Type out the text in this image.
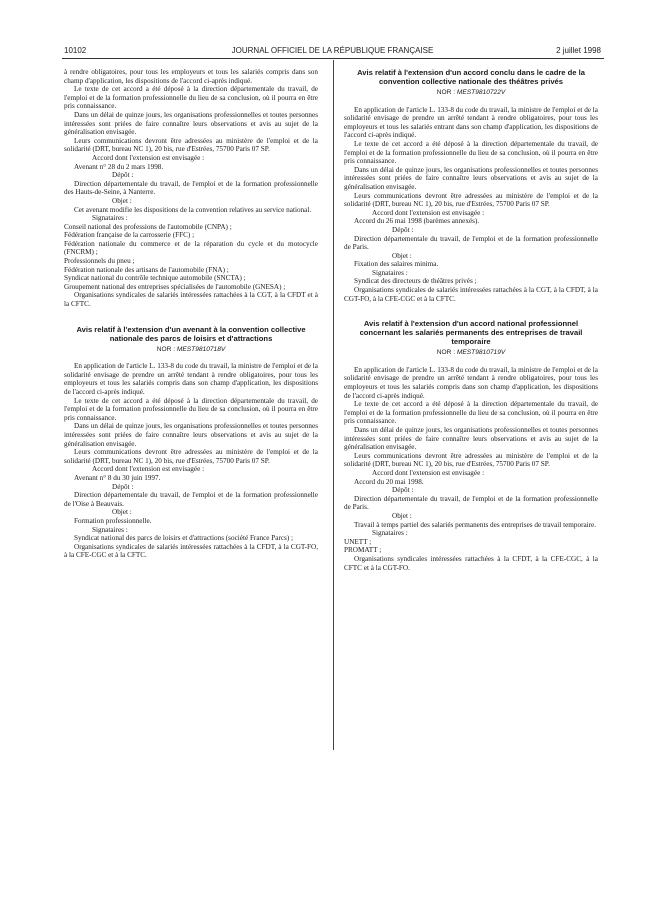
10102	JOURNAL OFFICIEL DE LA RÉPUBLIQUE FRANÇAISE	2 juillet 1998

à rendre obligatoires, pour tous les employeurs et tous les salariés compris dans son champ d'application, les dispositions de l'accord ci-après indiqué.

Le texte de cet accord a été déposé à la direction départementale du travail, de l'emploi et de la formation professionnelle du lieu de sa conclusion, où il pourra en être pris connaissance.

Dans un délai de quinze jours, les organisations professionnelles et toutes personnes intéressées sont priées de faire connaître leurs observations et avis au sujet de la généralisation envisagée.

Leurs communications devront être adressées au ministère de l'emploi et de la solidarité (DRT, bureau NC 1), 20 bis, rue d'Estrées, 75700 Paris 07 SP.

Accord dont l'extension est envisagée :

Avenant n° 28 du 2 mars 1998.

Dépôt :

Direction départementale du travail, de l'emploi et de la formation professionnelle des Hauts-de-Seine, à Nanterre.

Objet :

Cet avenant modifie les dispositions de la convention relatives au service national.

Signataires :

Conseil national des professions de l'automobile (CNPA) ;

Fédération française de la carrosserie (FFC) ;

Fédération nationale du commerce et de la réparation du cycle et du motocycle (FNCRM) ;

Professionnels du pneu ;

Fédération nationale des artisans de l'automobile (FNA) ;

Syndicat national du contrôle technique automobile (SNCTA) ;

Groupement national des entreprises spécialisées de l'automobile (GNESA) ;

Organisations syndicales de salariés intéressées rattachées à la CGT, à la CFDT et à la CFTC.

Avis relatif à l'extension d'un avenant à la convention collective nationale des parcs de loisirs et d'attractions
NOR : MEST9810718V

En application de l'article L. 133-8 du code du travail, la ministre de l'emploi et de la solidarité envisage de prendre un arrêté tendant à rendre obligatoires, pour tous les employeurs et tous les salariés compris dans son champ d'application, les dispositions de l'accord ci-après indiqué.

Le texte de cet accord a été déposé à la direction départementale du travail, de l'emploi et de la formation professionnelle du lieu de sa conclusion, où il pourra en être pris connaissance.

Dans un délai de quinze jours, les organisations professionnelles et toutes personnes intéressées sont priées de faire connaître leurs observations et avis au sujet de la généralisation envisagée.

Leurs communications devront être adressées au ministère de l'emploi et de la solidarité (DRT, bureau NC 1), 20 bis, rue d'Estrées, 75700 Paris 07 SP.

Accord dont l'extension est envisagée :

Avenant n° 8 du 30 juin 1997.

Dépôt :

Direction départementale du travail, de l'emploi et de la formation professionnelle de l'Oise à Beauvais.

Objet :

Formation professionnelle.

Signataires :

Syndicat national des parcs de loisirs et d'attractions (société France Parcs) ;

Organisations syndicales de salariés intéressées rattachées à la CFDT, à la CGT-FO, à la CFE-CGC et à la CFTC.

Avis relatif à l'extension d'un accord conclu dans le cadre de la convention collective nationale des théâtres privés
NOR : MEST9810722V

En application de l'article L. 133-8 du code du travail, la ministre de l'emploi et de la solidarité envisage de prendre un arrêté tendant à rendre obligatoires, pour tous les employeurs et tous les salariés entrant dans son champ d'application, les dispositions de l'accord ci-après indiqué.

Le texte de cet accord a été déposé à la direction départementale du travail, de l'emploi et de la formation professionnelle du lieu de sa conclusion, où il pourra en être pris connaissance.

Dans un délai de quinze jours, les organisations professionnelles et toutes personnes intéressées sont priées de faire connaître leurs observations et avis au sujet de la généralisation envisagée.

Leurs communications devront être adressées au ministère de l'emploi et de la solidarité (DRT, bureau NC 1), 20 bis, rue d'Estrées, 75700 Paris 07 SP.

Accord dont l'extension est envisagée :

Accord du 26 mai 1998 (barèmes annexés).

Dépôt :

Direction départementale du travail, de l'emploi et de la formation professionnelle de Paris.

Objet :

Fixation des salaires minima.

Signataires :

Syndicat des directeurs de théâtres privés ;

Organisations syndicales de salariés intéressées rattachées à la CGT, à la CFDT, à la CGT-FO, à la CFE-CGC et à la CFTC.

Avis relatif à l'extension d'un accord national professionnel concernant les salariés permanents des entreprises de travail temporaire
NOR : MEST9810719V

En application de l'article L. 133-8 du code du travail, la ministre de l'emploi et de la solidarité envisage de prendre un arrêté tendant à rendre obligatoires, pour tous les employeurs et tous les salariés compris dans son champ d'application, les dispositions de l'accord ci-après indiqué.

Le texte de cet accord a été déposé à la direction départementale du travail, de l'emploi et de la formation professionnelle du lieu de sa conclusion, où il pourra en être pris connaissance.

Dans un délai de quinze jours, les organisations professionnelles et toutes personnes intéressées sont priées de faire connaître leurs observations et avis au sujet de la généralisation envisagée.

Leurs communications devront être adressées au ministère de l'emploi et de la solidarité (DRT, bureau NC 1), 20 bis, rue d'Estrées, 75700 Paris 07 SP.

Accord dont l'extension est envisagée :

Accord du 20 mai 1998.

Dépôt :

Direction départementale du travail, de l'emploi et de la formation professionnelle de Paris.

Objet :

Travail à temps partiel des salariés permanents des entreprises de travail temporaire.

Signataires :

UNETT ;

PROMATT ;

Organisations syndicales intéressées rattachées à la CFDT, à la CFE-CGC, à la CFTC et à la CGT-FO.
